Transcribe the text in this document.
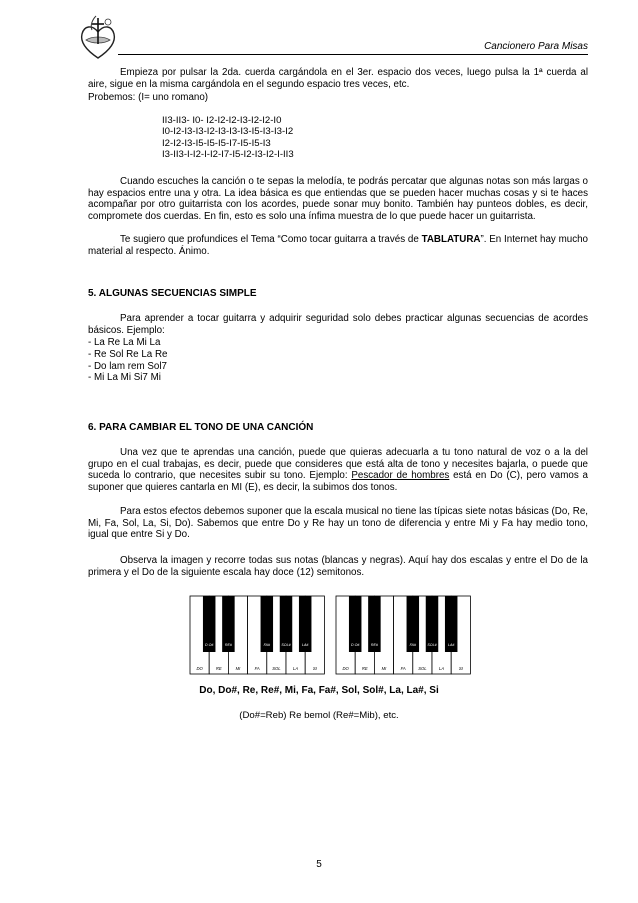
Cancionero Para Misas

Empieza por pulsar la 2da. cuerda cargándola en el 3er. espacio dos veces, luego pulsa la 1ª cuerda al aire, sigue en la misma cargándola en el segundo espacio tres veces, etc.

Probemos: (I= uno romano)

II3-II3- I0- I2-I2-I2-I3-I2-I2-I0
I0-I2-I3-I3-I2-I3-I3-I3-I5-I3-I3-I2
I2-I2-I3-I5-I5-I5-I7-I5-I5-I3
I3-II3-I-I2-I-I2-I7-I5-I2-I3-I2-I-II3

Cuando escuches la canción o te sepas la melodía, te podrás percatar que algunas notas son más largas o hay espacios entre una y otra. La idea básica es que entiendas que se pueden hacer muchas cosas y si te haces acompañar por otro guitarrista con los acordes, puede sonar muy bonito. También hay punteos dobles, es decir, compromete dos cuerdas. En fin, esto es solo una ínfima muestra de lo que puede hacer un guitarrista.

Te sugiero que profundices el Tema “Como tocar guitarra a través de TABLATURA”. En Internet hay mucho material al respecto. Ánimo.

5. ALGUNAS SECUENCIAS SIMPLE

Para aprender a tocar guitarra y adquirir seguridad solo debes practicar algunas secuencias de acordes básicos. Ejemplo:

- La Re La Mi La
- Re Sol Re La Re
- Do lam rem Sol7
- Mi La Mi Si7 Mi
6. PARA CAMBIAR EL TONO DE UNA CANCIÓN

Una vez que te aprendas una canción, puede que quieras adecuarla a tu tono natural de voz o a la del grupo en el cual trabajas, es decir, puede que consideres que está alta de tono y necesites bajarla, o puede que suceda lo contrario, que necesites subir su tono. Ejemplo: Pescador de hombres está en Do (C), pero vamos a suponer que quieres cantarla en MI (E), es decir, la subimos dos tonos.

Para estos efectos debemos suponer que la escala musical no tiene las típicas siete notas básicas (Do, Re, Mi, Fa, Sol, La, Si, Do). Sabemos que entre Do y Re hay un tono de diferencia y entre Mi y Fa hay medio tono, igual que entre Si y Do.

Observa la imagen y recorre todas sus notas (blancas y negras). Aquí hay dos escalas y entre el Do de la primera y el Do de la siguiente escala hay doce (12) semitonos.

DO	RE	MI	FA	SOL	LA	SI
D O#	RE#	FA#	SOL#	LA#
DO	RE	MI	FA	SOL	LA	SI
D O#	RE#	FA#	SOL#	LA#
Do, Do#, Re, Re#, Mi, Fa, Fa#, Sol, Sol#, La, La#, Si
(Do#=Reb) Re bemol (Re#=Mib), etc.
5
